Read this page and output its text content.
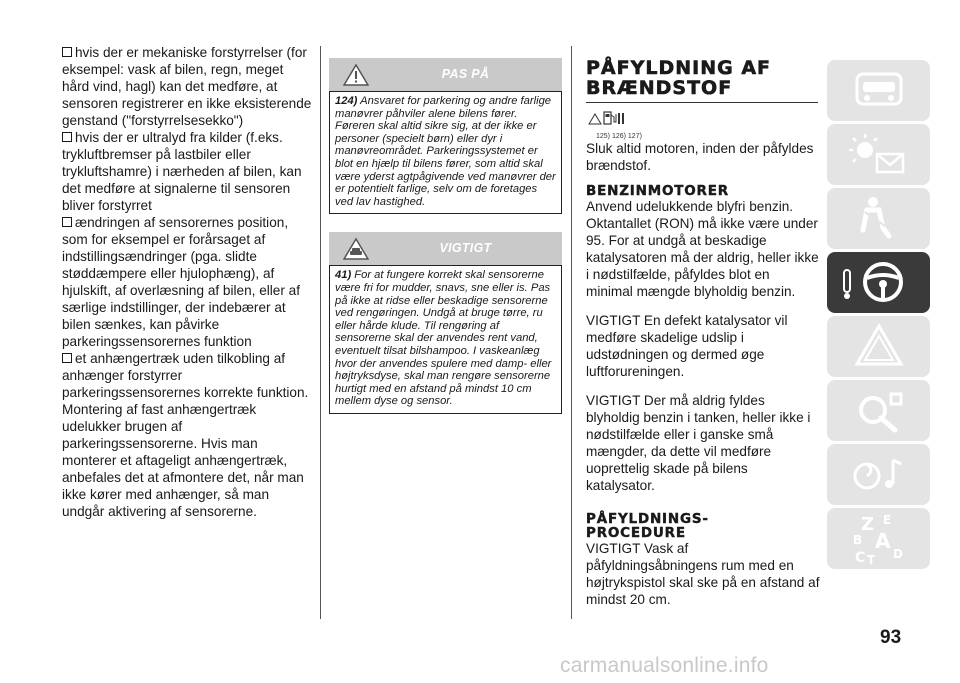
hvis der er mekaniske forstyrrelser (for eksempel: vask af bilen, regn, meget hård vind, hagl) kan det medføre, at sensoren registrerer en ikke eksisterende genstand ("forstyrrelsesekko")
hvis der er ultralyd fra kilder (f.eks. trykluftbremser på lastbiler eller trykluftshamre) i nærheden af bilen, kan det medføre at signalerne til sensoren bliver forstyrret
ændringen af sensorernes position, som for eksempel er forårsaget af indstillingsændringer (pga. slidte støddæmpere eller hjulophæng), af hjulskift, af overlæsning af bilen, eller af særlige indstillinger, der indebærer at bilen sænkes, kan påvirke parkeringssensorernes funktion
et anhængertræk uden tilkobling af anhænger forstyrrer parkeringssensorernes korrekte funktion. Montering af fast anhængertræk udelukker brugen af parkeringssensorerne. Hvis man monterer et aftageligt anhængertræk, anbefales det at afmontere det, når man ikke kører med anhænger, så man undgår aktivering af sensorerne.
PAS PÅ
124) Ansvaret for parkering og andre farlige manøvrer påhviler alene bilens fører. Føreren skal altid sikre sig, at der ikke er personer (specielt børn) eller dyr i manøvreområdet. Parkeringssystemet er blot en hjælp til bilens fører, som altid skal være yderst agtpågivende ved manøvrer der er potentielt farlige, selv om de foretages ved lav hastighed.
VIGTIGT
41) For at fungere korrekt skal sensorerne være fri for mudder, snavs, sne eller is. Pas på ikke at ridse eller beskadige sensorerne ved rengøringen. Undgå at bruge tørre, ru eller hårde klude. Til rengøring af sensorerne skal der anvendes rent vand, eventuelt tilsat bilshampoo. I vaskeanlæg hvor der anvendes spulere med damp- eller højtryksdyse, skal man rengøre sensorerne hurtigt med en afstand på mindst 10 cm mellem dyse og sensor.
PÅFYLDNING AF
BRÆNDSTOF
125) 126) 127)

Sluk altid motoren, inden der påfyldes brændstof.

BENZINMOTORER

Anvend udelukkende blyfri benzin. Oktantallet (RON) må ikke være under 95. For at undgå at beskadige katalysatoren må der aldrig, heller ikke i nødstilfælde, påfyldes blot en minimal mængde blyholdig benzin.

VIGTIGT En defekt katalysator vil medføre skadelige udslip i udstødningen og dermed øge luftforureningen.

VIGTIGT Der må aldrig fyldes blyholdig benzin i tanken, heller ikke i nødstilfælde eller i ganske små mængder, da dette vil medføre uoprettelig skade på bilens katalysator.

PÅFYLDNINGS-
PROCEDURE

VIGTIGT Vask af påfyldningsåbningens rum med en højtrykspistol skal ske på en afstand af mindst 20 cm.

Z E
B A
C T D
93
carmanualsonline.info
